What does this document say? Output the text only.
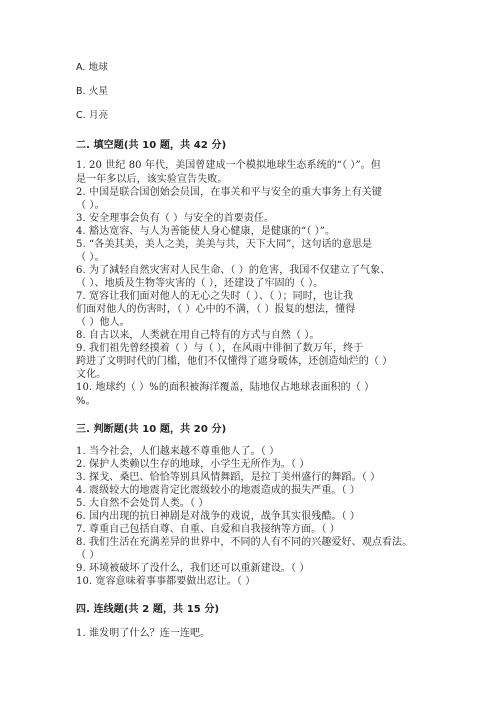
A. 地球
B. 火星
C. 月亮
二. 填空题(共 10 题，共 42 分)
1. 20 世纪 80 年代，美国曾建成一个模拟地球生态系统的“（ ）”。但
是一年多以后，该实验宣告失败。
2. 中国是联合国创始会员国，在事关和平与安全的重大事务上有关键
（ ）。
3. 安全理事会负有（ ）与安全的首要责任。
4. 豁达宽容、与人为善能使人身心健康，是健康的“（ ）”。
5. “各美其美，美人之美，美美与共，天下大同”，这句话的意思是
（ ）。
6. 为了減轻自然灾害对人民生命、（ ）的危害，我国不仅建立了气象、
（ ）、地质及生物等灾害的（ ），还建设了牢固的（ ）。
7. 宽容让我们面对他人的无心之失时（ ）、（ ）；同时，也让我
们面对他人的伤害时，（ ）心中的不满，（ ）报复的想法，懂得
（ ）他人。
8. 自古以来，人类就在用自己特有的方式与自然（ ）。
9. 我们祖先曾经摸着（ ）与（ ），在风雨中徘徊了数万年，终于
跨进了文明时代的门槛，他们不仅懂得了遮身暖体，还创造灿烂的（ ）
文化。
10. 地球约（ ）%的面积被海洋覆盖，陆地仅占地球表面积的（ ）
%。
三. 判断题(共 10 题，共 20 分)
1. 当今社会，人们越来越不尊重他人了。（ ）
2. 保护人类赖以生存的地球，小学生无所作为。（ ）
3. 探戈、桑巴、恰恰等别具风情舞蹈，是拉丁美州盛行的舞蹈。（ ）
4. 震级较大的地震肯定比震级较小的地震造成的损失严重。（ ）
5. 大自然不会处罚人类。（ ）
6. 国内出现的抗日神剧是对战争的戏说，战争其实很残酷。（ ）
7. 尊重自己包括自尊、自重、自爱和自我接纳等方面。（ ）
8. 我们生活在充满差异的世界中，不同的人有不同的兴趣爱好、观点看法。
（ ）
9. 环境被破坏了没什么，我们还可以重新建设。（ ）
10. 宽容意味着事事都要做出忍让。（ ）
四. 连线题(共 2 题，共 15 分)
1. 谁发明了什么？连一连吧。
